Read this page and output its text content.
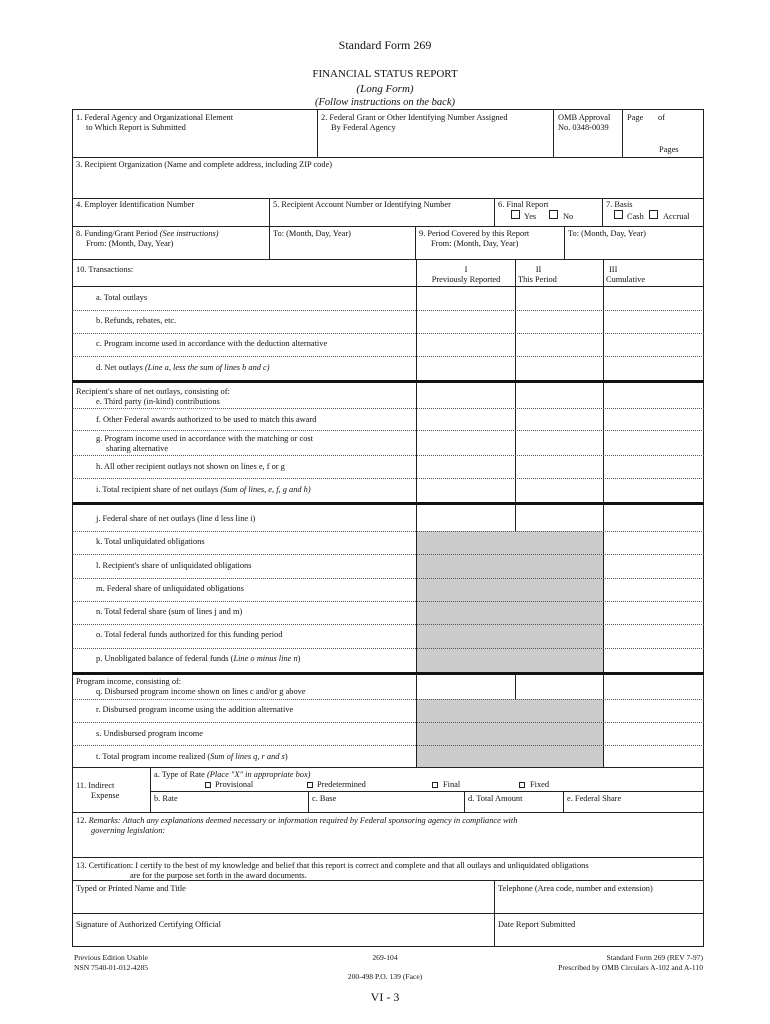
Standard Form 269
FINANCIAL STATUS REPORT
(Long Form)
(Follow instructions on the back)
1. Federal Agency and Organizational Element
to Which Report is Submitted
2. Federal Grant or Other Identifying Number Assigned
By Federal Agency
OMB Approval
No. 0348-0039
Page of
Pages
3. Recipient Organization (Name and complete address, including ZIP code)
4. Employer Identification Number	5. Recipient Account Number or Identifying Number	6. Final Report
Yes	No
7. Basis
Cash Accrual
8. Funding/Grant Period (See instructions)
From: (Month, Day, Year)
To: (Month, Day, Year)	9. Period Covered by this Report
From: (Month, Day, Year)
To: (Month, Day, Year)
10. Transactions:	I
Previously Reported
II
This Period
III
Cumulative
a. Total outlays
b. Refunds, rebates, etc.
c. Program income used in accordance with the deduction alternative
d. Net outlays (Line a, less the sum of lines b and c)
Recipient's share of net outlays, consisting of:
e. Third party (in-kind) contributions
f. Other Federal awards authorized to be used to match this award
g. Program income used in accordance with the matching or cost
sharing alternative
h. All other recipient outlays not shown on lines e, f or g
i. Total recipient share of net outlays (Sum of lines, e, f, g and h)
j. Federal share of net outlays (line d less line i)
k. Total unliquidated obligations
l. Recipient's share of unliquidated obligations
m. Federal share of unliquidated obligations
n. Total federal share (sum of lines j and m)
o. Total federal funds authorized for this funding period
p. Unobligated balance of federal funds (Line o minus line n)
Program income, consisting of:
q. Disbursed program income shown on lines c and/or g above
r. Disbursed program income using the addition alternative
s. Undisbursed program income
t. Total program income realized (Sum of lines q, r and s)
11. Indirect
Expense
a. Type of Rate (Place "X" in appropriate box)
Provisional	Predetermined	Final	Fixed
b. Rate	c. Base	d. Total Amount	e. Federal Share
12. Remarks: Attach any explanations deemed necessary or information required by Federal sponsoring agency in compliance with
governing legislation:
13. Certification: I certify to the best of my knowledge and belief that this report is correct and complete and that all outlays and unliquidated obligations
are for the purpose set forth in the award documents.
Typed or Printed Name and Title	Telephone (Area code, number and extension)
Signature of Authorized Certifying Official	Date Report Submitted
Previous Edition Usable
NSN 7540-01-012-4285
269-104	Standard Form 269 (REV 7-97)
Prescribed by OMB Circulars A-102 and A-110
200-498 P.O. 139 (Face)
VI - 3
